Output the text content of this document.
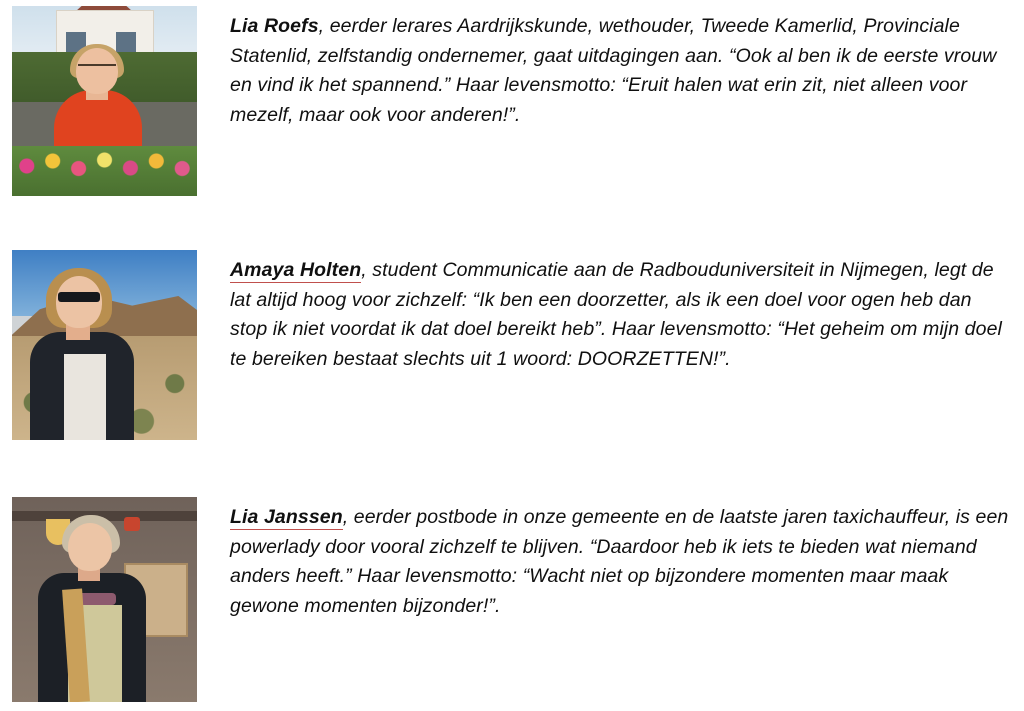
Lia Roefs, eerder lerares Aardrijkskunde, wethouder, Tweede Kamerlid, Provinciale Statenlid, zelfstandig ondernemer, gaat uitdagingen aan. “Ook al ben ik de eerste vrouw en vind ik het spannend.” Haar levensmotto: “Eruit halen wat erin zit, niet alleen voor mezelf, maar ook voor anderen!”.
Amaya Holten, student Communicatie aan de Radbouduniversiteit in Nijmegen, legt de lat altijd hoog voor zichzelf: “Ik ben een doorzetter, als ik een doel voor ogen heb dan stop ik niet voordat ik dat doel bereikt heb”. Haar levensmotto: “Het geheim om mijn doel te bereiken bestaat slechts uit 1 woord: DOORZETTEN!”.
Lia Janssen, eerder postbode in onze gemeente en de laatste jaren taxichauffeur, is een powerlady door vooral zichzelf te blijven. “Daardoor heb ik iets te bieden wat niemand anders heeft.” Haar levensmotto: “Wacht niet op bijzondere momenten maar maak gewone momenten bijzonder!”.
